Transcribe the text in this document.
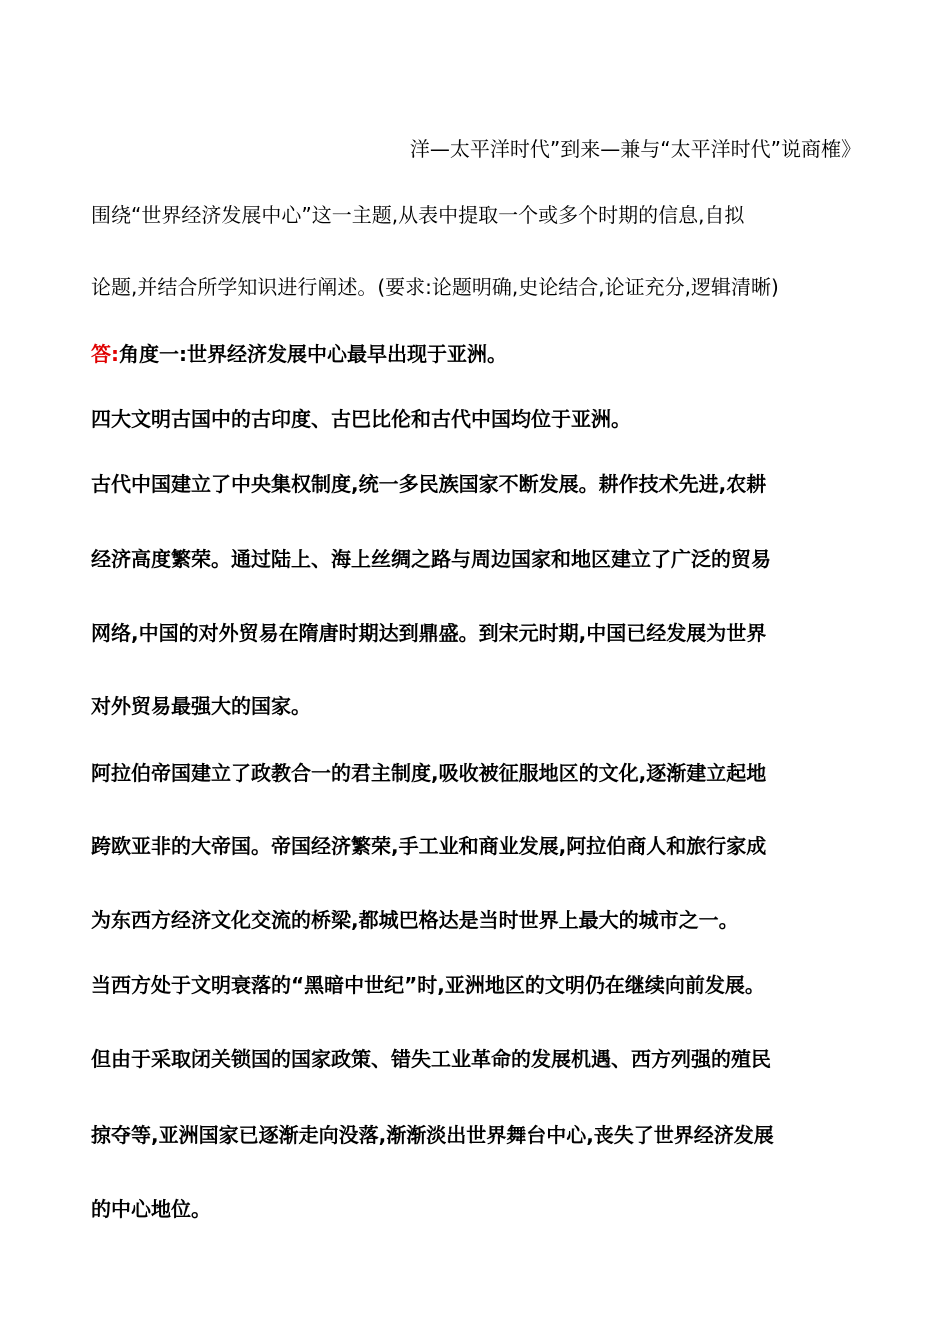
洋—太平洋时代”到来—兼与“太平洋时代”说商榷》
围绕“世界经济发展中心”这一主题,从表中提取一个或多个时期的信息,自拟
论题,并结合所学知识进行阐述。(要求:论题明确,史论结合,论证充分,逻辑清晰)
答:角度一:世界经济发展中心最早出现于亚洲。
四大文明古国中的古印度、古巴比伦和古代中国均位于亚洲。
古代中国建立了中央集权制度,统一多民族国家不断发展。耕作技术先进,农耕
经济高度繁荣。通过陆上、海上丝绸之路与周边国家和地区建立了广泛的贸易
网络,中国的对外贸易在隋唐时期达到鼎盛。到宋元时期,中国已经发展为世界
对外贸易最强大的国家。
阿拉伯帝国建立了政教合一的君主制度,吸收被征服地区的文化,逐渐建立起地
跨欧亚非的大帝国。帝国经济繁荣,手工业和商业发展,阿拉伯商人和旅行家成
为东西方经济文化交流的桥梁,都城巴格达是当时世界上最大的城市之一。
当西方处于文明衰落的“黑暗中世纪”时,亚洲地区的文明仍在继续向前发展。
但由于采取闭关锁国的国家政策、错失工业革命的发展机遇、西方列强的殖民
掠夺等,亚洲国家已逐渐走向没落,渐渐淡出世界舞台中心,丧失了世界经济发展
的中心地位。
